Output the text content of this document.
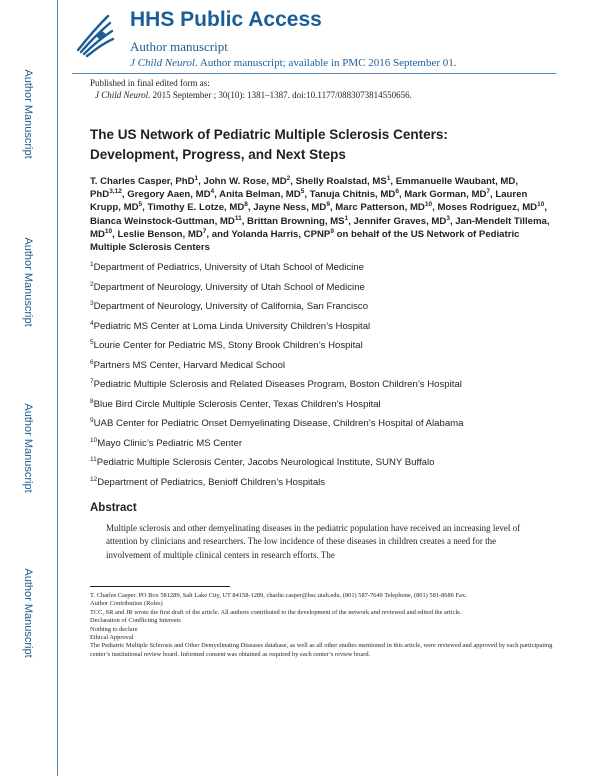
Author Manuscript
Author Manuscript
Author Manuscript
Author Manuscript
HHS Public Access
Author manuscript
J Child Neurol. Author manuscript; available in PMC 2016 September 01.
Published in final edited form as:
J Child Neurol. 2015 September ; 30(10): 1381–1387. doi:10.1177/0883073814550656.
The US Network of Pediatric Multiple Sclerosis Centers: Development, Progress, and Next Steps
T. Charles Casper, PhD$^1$, John W. Rose, $MD^2$, Shelly Roalstad, $MS^1$, Emmanuelle Waubant, MD, PhD$^{3,12}$, Gregory Aaen, $MD^4$, Anita Belman, $MD^5$, Tanuja Chitnis, $MD^6$, Mark Gorman, $MD^7$, Lauren Krupp, $MD^5$, Timothy E. Lotze, $MD^8$, Jayne Ness, $MD^9$, Marc Patterson, MD$^{10}$, Moses Rodriguez, MD$^{10}$, Bianca Weinstock-Guttman, MD$^{11}$, Brittan Browning, $MS^1$, Jennifer Graves, $MD^3$, Jan-Mendelt Tillema, MD$^{10}$, Leslie Benson, $MD^7$, and Yolanda Harris, CPNP$^9$ on behalf of the US Network of Pediatric Multiple Sclerosis Centers
$^1$Department of Pediatrics, University of Utah School of Medicine
$^2$Department of Neurology, University of Utah School of Medicine
$^3$Department of Neurology, University of California, San Francisco
$^4$Pediatric MS Center at Loma Linda University Children’s Hospital
$^5$Lourie Center for Pediatric MS, Stony Brook Children’s Hospital
$^6$Partners MS Center, Harvard Medical School
$^7$Pediatric Multiple Sclerosis and Related Diseases Program, Boston Children’s Hospital
$^8$Blue Bird Circle Multiple Sclerosis Center, Texas Children’s Hospital
$^9$UAB Center for Pediatric Onset Demyelinating Disease, Children’s Hospital of Alabama
$^{10}$Mayo Clinic’s Pediatric MS Center
$^{11}$Pediatric Multiple Sclerosis Center, Jacobs Neurological Institute, SUNY Buffalo
$^{12}$Department of Pediatrics, Benioff Children’s Hospitals
Abstract
Multiple sclerosis and other demyelinating diseases in the pediatric population have received an increasing level of attention by clinicians and researchers. The low incidence of these diseases in children creates a need for the involvement of multiple clinical centers in research efforts. The

T. Charles Casper. PO Box 581289, Salt Lake City, UT 84158-1289, charlie.casper@hsc.utah.edu, (801) 587-7649 Telephone, (801) 581-8686 Fax.

Author Contribution (Roles)

TCC, SR and JR wrote the first draft of the article. All authors contributed to the development of the network and reviewed and edited the article.

Declaration of Conflicting Interests

Nothing to declare

Ethical Approval

The Pediatric Multiple Sclerosis and Other Demyelinating Diseases database, as well as all other studies mentioned in this article, were reviewed and approved by each participating center’s institutional review board. Informed consent was obtained as required by each center’s review board.
